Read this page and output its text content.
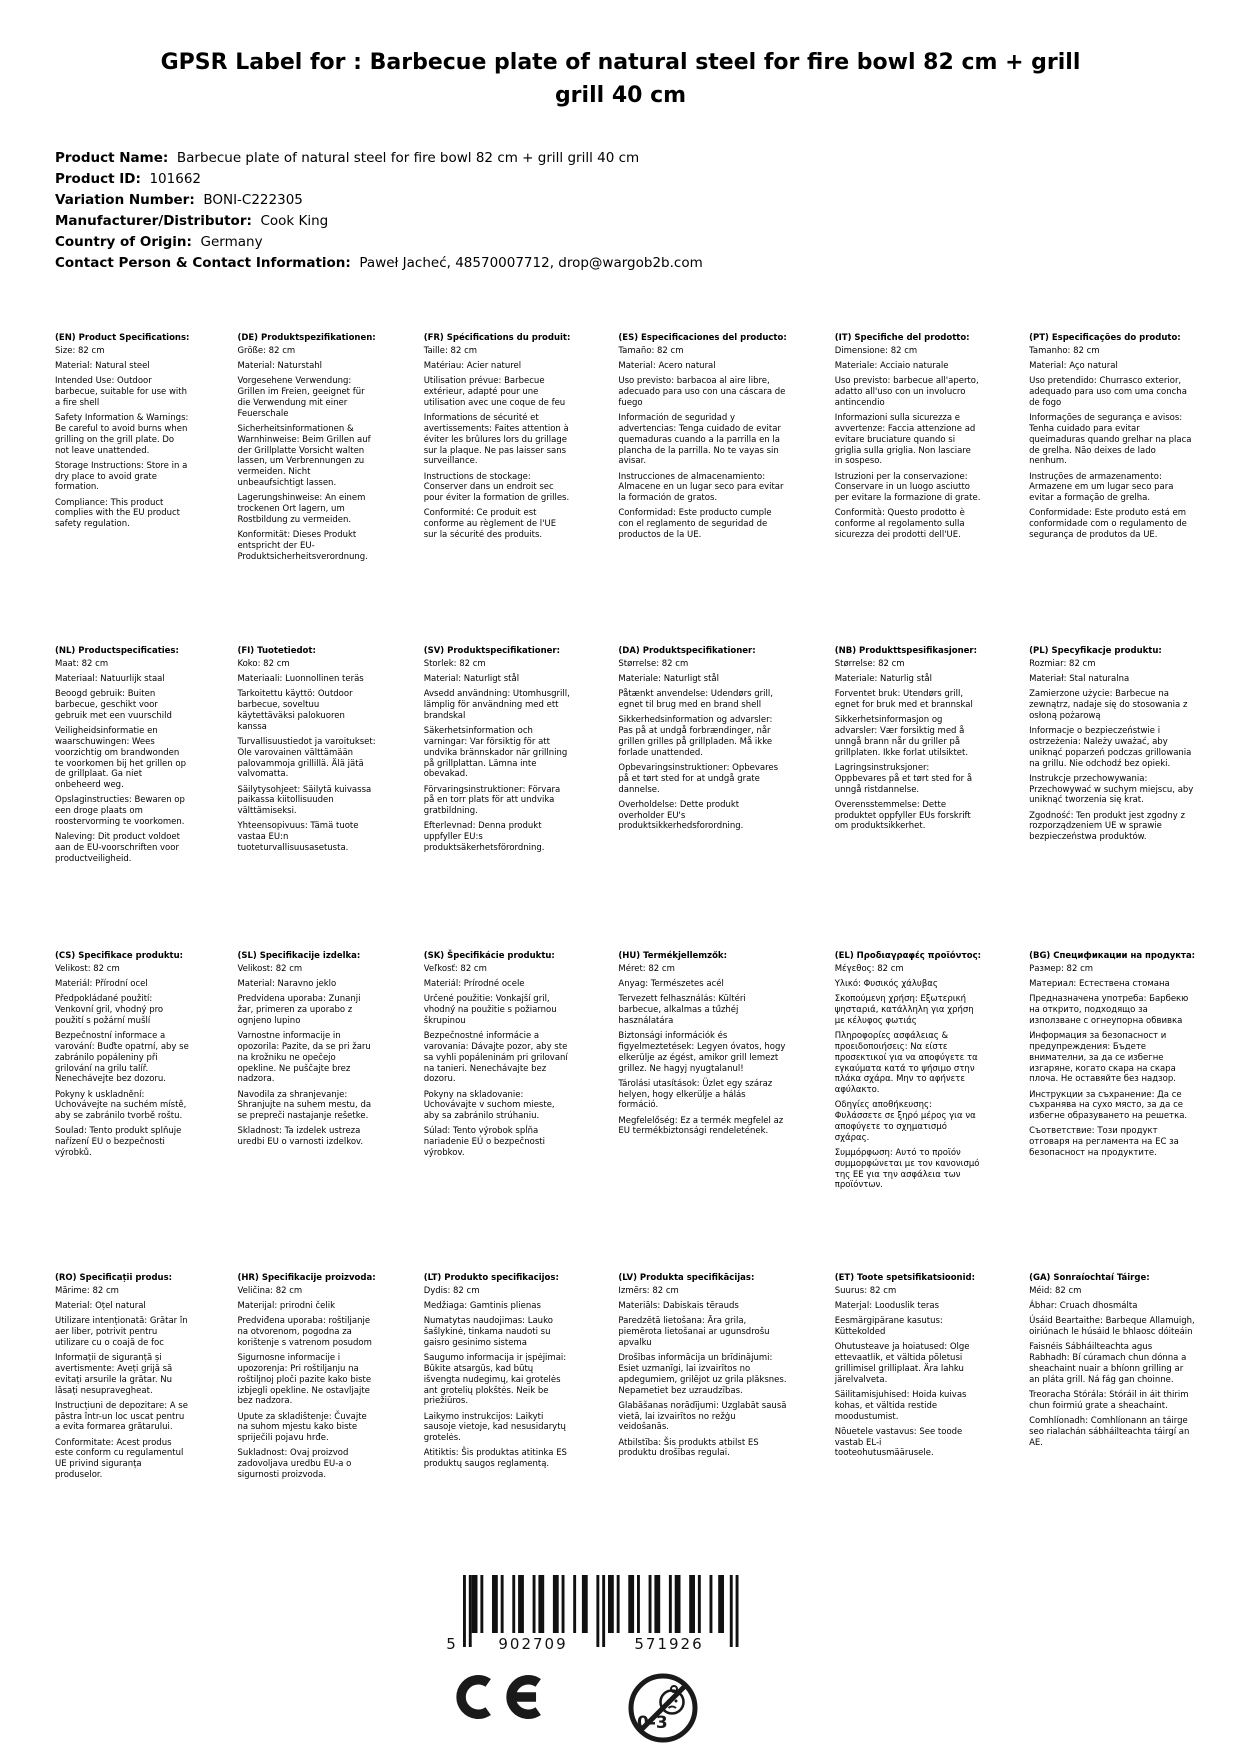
GPSR Label for : Barbecue plate of natural steel for fire bowl 82 cm + grill grill 40 cm
Product Name:  Barbecue plate of natural steel for fire bowl 82 cm + grill grill 40 cm
Product ID:  101662
Variation Number:  BONI-C222305
Manufacturer/Distributor:  Cook King
Country of Origin:  Germany
Contact Person & Contact Information:  Paweł Jacheć, 48570007712, drop@wargob2b.com
(EN) Product Specifications:

Size: 82 cm

Material: Natural steel

Intended Use: Outdoor barbecue, suitable for use with a fire shell

Safety Information & Warnings: Be careful to avoid burns when grilling on the grill plate. Do not leave unattended.

Storage Instructions: Store in a dry place to avoid grate formation.

Compliance: This product complies with the EU product safety regulation.

(DE) Produktspezifikationen:

Größe: 82 cm

Material: Naturstahl

Vorgesehene Verwendung: Grillen im Freien, geeignet für die Verwendung mit einer Feuerschale

Sicherheitsinformationen & Warnhinweise: Beim Grillen auf der Grillplatte Vorsicht walten lassen, um Verbrennungen zu vermeiden. Nicht unbeaufsichtigt lassen.

Lagerungshinweise: An einem trockenen Ort lagern, um Rostbildung zu vermeiden.

Konformität: Dieses Produkt entspricht der EU-Produktsicherheitsverordnung.

(FR) Spécifications du produit:

Taille: 82 cm

Matériau: Acier naturel

Utilisation prévue: Barbecue extérieur, adapté pour une utilisation avec une coque de feu

Informations de sécurité et avertissements: Faites attention à éviter les brûlures lors du grillage sur la plaque. Ne pas laisser sans surveillance.

Instructions de stockage: Conserver dans un endroit sec pour éviter la formation de grilles.

Conformité: Ce produit est conforme au règlement de l'UE sur la sécurité des produits.

(ES) Especificaciones del producto:

Tamaño: 82 cm

Material: Acero natural

Uso previsto: barbacoa al aire libre, adecuado para uso con una cáscara de fuego

Información de seguridad y advertencias: Tenga cuidado de evitar quemaduras cuando a la parrilla en la plancha de la parrilla. No te vayas sin avisar.

Instrucciones de almacenamiento: Almacene en un lugar seco para evitar la formación de gratos.

Conformidad: Este producto cumple con el reglamento de seguridad de productos de la UE.

(IT) Specifiche del prodotto:

Dimensione: 82 cm

Materiale: Acciaio naturale

Uso previsto: barbecue all'aperto, adatto all'uso con un involucro antincendio

Informazioni sulla sicurezza e avvertenze: Faccia attenzione ad evitare bruciature quando si griglia sulla griglia. Non lasciare in sospeso.

Istruzioni per la conservazione: Conservare in un luogo asciutto per evitare la formazione di grate.

Conformità: Questo prodotto è conforme al regolamento sulla sicurezza dei prodotti dell'UE.

(PT) Especificações do produto:

Tamanho: 82 cm

Material: Aço natural

Uso pretendido: Churrasco exterior, adequado para uso com uma concha de fogo

Informações de segurança e avisos: Tenha cuidado para evitar queimaduras quando grelhar na placa de grelha. Não deixes de lado nenhum.

Instruções de armazenamento: Armazene em um lugar seco para evitar a formação de grelha.

Conformidade: Este produto está em conformidade com o regulamento de segurança de produtos da UE.

(NL) Productspecificaties:

Maat: 82 cm

Materiaal: Natuurlijk staal

Beoogd gebruik: Buiten barbecue, geschikt voor gebruik met een vuurschild

Veiligheidsinformatie en waarschuwingen: Wees voorzichtig om brandwonden te voorkomen bij het grillen op de grillplaat. Ga niet onbeheerd weg.

Opslaginstructies: Bewaren op een droge plaats om roostervorming te voorkomen.

Naleving: Dit product voldoet aan de EU-voorschriften voor productveiligheid.

(FI) Tuotetiedot:

Koko: 82 cm

Materiaali: Luonnollinen teräs

Tarkoitettu käyttö: Outdoor barbecue, soveltuu käytettäväksi palokuoren kanssa

Turvallisuustiedot ja varoitukset: Ole varovainen välttämään palovammoja grillillä. Älä jätä valvomatta.

Säilytysohjeet: Säilytä kuivassa paikassa kiitollisuuden välttämiseksi.

Yhteensopivuus: Tämä tuote vastaa EU:n tuoteturvallisuusasetusta.

(SV) Produktspecifikationer:

Storlek: 82 cm

Material: Naturligt stål

Avsedd användning: Utomhusgrill, lämplig för användning med ett brandskal

Säkerhetsinformation och varningar: Var försiktig för att undvika brännskador när grillning på grillplattan. Lämna inte obevakad.

Förvaringsinstruktioner: Förvara på en torr plats för att undvika gratbildning.

Efterlevnad: Denna produkt uppfyller EU:s produktsäkerhetsförordning.

(DA) Produktspecifikationer:

Størrelse: 82 cm

Materiale: Naturligt stål

Påtænkt anvendelse: Udendørs grill, egnet til brug med en brand shell

Sikkerhedsinformation og advarsler: Pas på at undgå forbrændinger, når grillen grilles på grillpladen. Må ikke forlade unattended.

Opbevaringsinstruktioner: Opbevares på et tørt sted for at undgå grate dannelse.

Overholdelse: Dette produkt overholder EU's produktsikkerhedsforordning.

(NB) Produkttspesifikasjoner:

Størrelse: 82 cm

Materiale: Naturlig stål

Forventet bruk: Utendørs grill, egnet for bruk med et brannskal

Sikkerhetsinformasjon og advarsler: Vær forsiktig med å unngå brann når du griller på grillplaten. Ikke forlat utilsiktet.

Lagringsinstruksjoner: Oppbevares på et tørt sted for å unngå ristdannelse.

Overensstemmelse: Dette produktet oppfyller EUs forskrift om produktsikkerhet.

(PL) Specyfikacje produktu:

Rozmiar: 82 cm

Materiał: Stal naturalna

Zamierzone użycie: Barbecue na zewnątrz, nadaje się do stosowania z osłoną pożarową

Informacje o bezpieczeństwie i ostrzeżenia: Należy uważać, aby uniknąć poparzeń podczas grillowania na grillu. Nie odchodź bez opieki.

Instrukcje przechowywania: Przechowywać w suchym miejscu, aby uniknąć tworzenia się krat.

Zgodność: Ten produkt jest zgodny z rozporządzeniem UE w sprawie bezpieczeństwa produktów.

(CS) Specifikace produktu:

Velikost: 82 cm

Materiál: Přírodní ocel

Předpokládané použití: Venkovní gril, vhodný pro použití s požární mušlí

Bezpečnostní informace a varování: Buďte opatrní, aby se zabránilo popáleniny při grilování na grilu talíř. Nenechávejte bez dozoru.

Pokyny k uskladnění: Uchovávejte na suchém místě, aby se zabránilo tvorbě roštu.

Soulad: Tento produkt splňuje nařízení EU o bezpečnosti výrobků.

(SL) Specifikacije izdelka:

Velikost: 82 cm

Material: Naravno jeklo

Predvidena uporaba: Zunanji žar, primeren za uporabo z ognjeno lupino

Varnostne informacije in opozorila: Pazite, da se pri žaru na krožniku ne opečejo opekline. Ne puščajte brez nadzora.

Navodila za shranjevanje: Shranjujte na suhem mestu, da se prepreči nastajanje rešetke.

Skladnost: Ta izdelek ustreza uredbi EU o varnosti izdelkov.

(SK) Špecifikácie produktu:

Veľkosť: 82 cm

Materiál: Prírodné ocele

Určené použitie: Vonkajší gril, vhodný na použitie s požiarnou škrupinou

Bezpečnostné informácie a varovania: Dávajte pozor, aby ste sa vyhli popáleninám pri grilovaní na tanieri. Nenechávajte bez dozoru.

Pokyny na skladovanie: Uchovávajte v suchom mieste, aby sa zabránilo strúhaniu.

Súlad: Tento výrobok spĺňa nariadenie EÚ o bezpečnosti výrobkov.

(HU) Termékjellemzők:

Méret: 82 cm

Anyag: Természetes acél

Tervezett felhasználás: Kültéri barbecue, alkalmas a tűzhéj használatára

Biztonsági információk és figyelmeztetések: Legyen óvatos, hogy elkerülje az égést, amikor grill lemezt grillez. Ne hagyj nyugtalanul!

Tárolási utasítások: Üzlet egy száraz helyen, hogy elkerülje a hálás formáció.

Megfelelőség: Ez a termék megfelel az EU termékbiztonsági rendeletének.

(EL) Προδιαγραφές προϊόντος:

Μέγεθος: 82 cm

Υλικό: Φυσικός χάλυβας

Σκοπούμενη χρήση: Εξωτερική ψησταριά, κατάλληλη για χρήση με κέλυφος φωτιάς

Πληροφορίες ασφάλειας & προειδοποιήσεις: Να είστε προσεκτικοί για να αποφύγετε τα εγκαύματα κατά το ψήσιμο στην πλάκα σχάρα. Μην το αφήνετε αφύλακτο.

Οδηγίες αποθήκευσης: Φυλάσσετε σε ξηρό μέρος για να αποφύγετε το σχηματισμό σχάρας.

Συμμόρφωση: Αυτό το προϊόν συμμορφώνεται με τον κανονισμό της ΕΕ για την ασφάλεια των προϊόντων.

(BG) Спецификации на продукта:

Размер: 82 cm

Материал: Естествена стомана

Предназначена употреба: Барбекю на открито, подходящо за използване с огнеупорна обвивка

Информация за безопасност и предупреждения: Бъдете внимателни, за да се избегне изгаряне, когато скара на скара плоча. Не оставяйте без надзор.

Инструкции за съхранение: Да се съхранява на сухо място, за да се избегне образуването на решетка.

Съответствие: Този продукт отговаря на регламента на ЕС за безопасност на продуктите.

(RO) Specificații produs:

Mărime: 82 cm

Material: Oțel natural

Utilizare intenționată: Grătar în aer liber, potrivit pentru utilizare cu o coajă de foc

Informații de siguranță și avertismente: Aveți grijă să evitați arsurile la grătar. Nu lăsați nesupravegheat.

Instrucțiuni de depozitare: A se păstra într-un loc uscat pentru a evita formarea grătarului.

Conformitate: Acest produs este conform cu regulamentul UE privind siguranța produselor.

(HR) Specifikacije proizvoda:

Veličina: 82 cm

Materijal: prirodni čelik

Predviđena uporaba: roštiljanje na otvorenom, pogodna za korištenje s vatrenom posudom

Sigurnosne informacije i upozorenja: Pri roštiljanju na roštiljnoj ploči pazite kako biste izbjegli opekline. Ne ostavljajte bez nadzora.

Upute za skladištenje: Čuvajte na suhom mjestu kako biste spriječili pojavu hrđe.

Sukladnost: Ovaj proizvod zadovoljava uredbu EU-a o sigurnosti proizvoda.

(LT) Produkto specifikacijos:

Dydis: 82 cm

Medžiaga: Gamtinis plienas

Numatytas naudojimas: Lauko šašlykinė, tinkama naudoti su gaisro gesinimo sistema

Saugumo informacija ir įspėjimai: Būkite atsargūs, kad būtų išvengta nudegimų, kai grotelės ant grotelių plokštės. Neik be priežiūros.

Laikymo instrukcijos: Laikyti sausoje vietoje, kad nesusidarytų grotelės.

Atitiktis: Šis produktas atitinka ES produktų saugos reglamentą.

(LV) Produkta specifikācijas:

Izmērs: 82 cm

Materiāls: Dabiskais tērauds

Paredzētā lietošana: Āra grila, piemērota lietošanai ar ugunsdrošu apvalku

Drošības informācija un brīdinājumi: Esiet uzmanīgi, lai izvairītos no apdegumiem, grilējot uz grila plāksnes. Nepametiet bez uzraudzības.

Glabāšanas norādījumi: Uzglabāt sausā vietā, lai izvairītos no režģu veidošanās.

Atbilstība: Šis produkts atbilst ES produktu drošības regulai.

(ET) Toote spetsifikatsioonid:

Suurus: 82 cm

Materjal: Looduslik teras

Eesmärgipärane kasutus: Küttekolded

Ohutusteave ja hoiatused: Olge ettevaatlik, et vältida põletusi grillimisel grilliplaat. Ära lahku järelvalveta.

Säilitamisjuhised: Hoida kuivas kohas, et vältida restide moodustumist.

Nõuetele vastavus: See toode vastab EL-i tooteohutusmäärusele.

(GA) Sonraíochtaí Táirge:

Méid: 82 cm

Ábhar: Cruach dhosmálta

Úsáid Beartaithe: Barbeque Allamuigh, oiriúnach le húsáid le bhlaosc dóiteáin

Faisnéis Sábháilteachta agus Rabhadh: Bí cúramach chun dónna a sheachaint nuair a bhíonn grilling ar an pláta grill. Ná fág gan choinne.

Treoracha Stórála: Stóráil in áit thirim chun foirmiú grate a sheachaint.

Comhlíonadh: Comhlíonann an táirge seo rialachán sábháilteachta táirgí an AE.

5	902709	571926
0-3
